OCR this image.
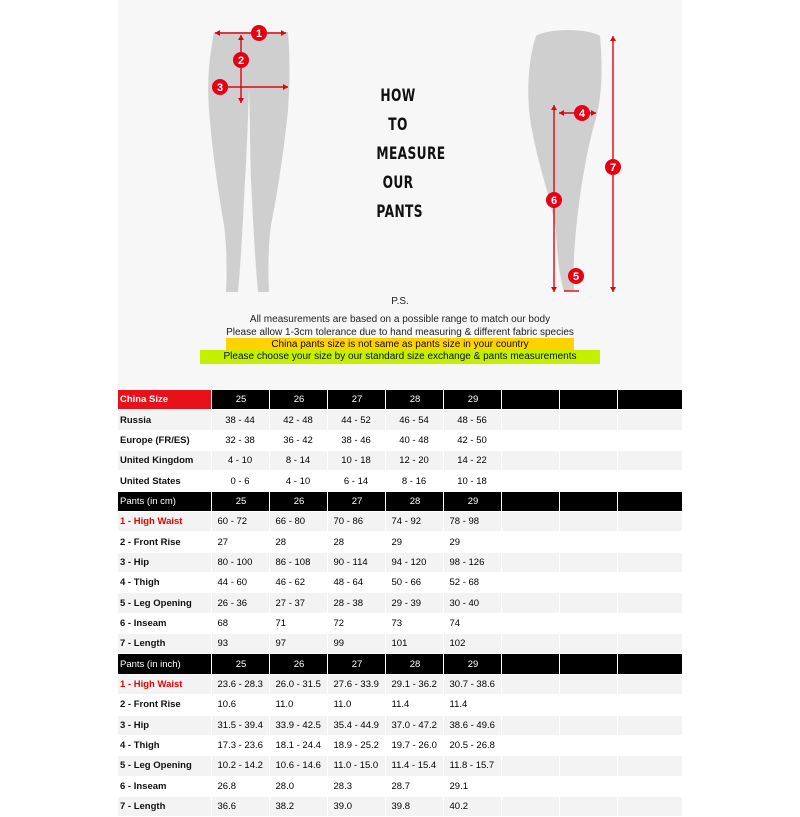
1
2
3
4
5
6
7
HOW
TO
MEASURE
OUR
PANTS
P.S.
All measurements are based on a possible range to match our body
Please allow 1-3cm tolerance due to hand measuring & different fabric species
China pants size is not same as pants size in your country
Please choose your size by our standard size exchange & pants measurements
China Size	25	26	27	28	29			
Russia	38 - 44	42 - 48	44 - 52	46 - 54	48 - 56			
Europe (FR/ES)	32 - 38	36 - 42	38 - 46	40 - 48	42 - 50			
United Kingdom	4 - 10	8 - 14	10 - 18	12 - 20	14 - 22			
United States	0 - 6	4 - 10	6 - 14	8 - 16	10 - 18			
Pants (in cm)	25	26	27	28	29			
1 - High Waist	60 - 72	66 - 80	70 - 86	74 - 92	78 - 98			
2 - Front Rise	27	28	28	29	29			
3 - Hip	80 - 100	86 - 108	90 - 114	94 - 120	98 - 126			
4 - Thigh	44 - 60	46 - 62	48 - 64	50 - 66	52 - 68			
5 - Leg Opening	26 - 36	27 - 37	28 - 38	29 - 39	30 - 40			
6 - Inseam	68	71	72	73	74			
7 - Length	93	97	99	101	102			
Pants (in inch)	25	26	27	28	29			
1 - High Waist	23.6 - 28.3	26.0 - 31.5	27.6 - 33.9	29.1 - 36.2	30.7 - 38.6			
2 - Front Rise	10.6	11.0	11.0	11.4	11.4			
3 - Hip	31.5 - 39.4	33.9 - 42.5	35.4 - 44.9	37.0 - 47.2	38.6 - 49.6			
4 - Thigh	17.3 - 23.6	18.1 - 24.4	18.9 - 25.2	19.7 - 26.0	20.5 - 26.8			
5 - Leg Opening	10.2 - 14.2	10.6 - 14.6	11.0 - 15.0	11.4 - 15.4	11.8 - 15.7			
6 - Inseam	26.8	28.0	28.3	28.7	29.1			
7 - Length	36.6	38.2	39.0	39.8	40.2			
